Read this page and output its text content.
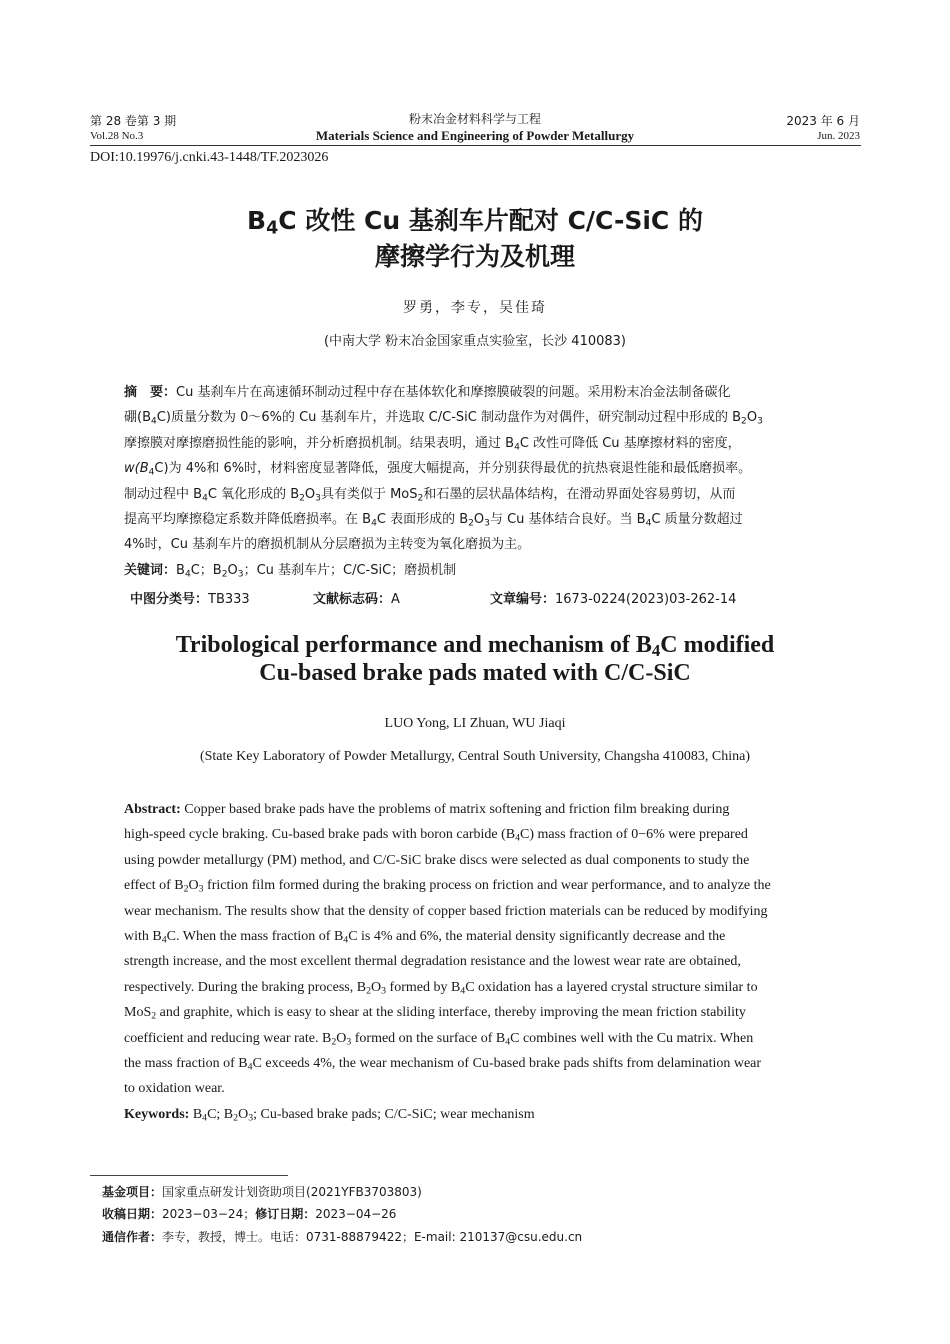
第 28 卷第 3 期	粉末冶金材料科学与工程	2023 年 6 月
Vol.28 No.3	Materials Science and Engineering of Powder Metallurgy	Jun. 2023
DOI:10.19976/j.cnki.43-1448/TF.2023026
$B_4C$ 改性 Cu 基刹车片配对 C/C-SiC 的
摩擦学行为及机理
罗勇，李专，吴佳琦
(中南大学 粉末冶金国家重点实验室，长沙 410083)
摘　要：Cu 基刹车片在高速循环制动过程中存在基体软化和摩擦膜破裂的问题。采用粉末冶金法制备碳化
硼$(B_4C)$质量分数为 0～6%的 Cu 基刹车片，并选取 C/C-SiC 制动盘作为对偶件，研究制动过程中形成的 $B_2O_3$
摩擦膜对摩擦磨损性能的影响，并分析磨损机制。结果表明，通过 $B_4C$ 改性可降低 Cu 基摩擦材料的密度，
$w(B_4C)$为 4%和 6%时，材料密度显著降低，强度大幅提高，并分别获得最优的抗热衰退性能和最低磨损率。
制动过程中 $B_4C$ 氧化形成的 $B_2O_3$具有类似于 MoS$_2$和石墨的层状晶体结构，在滑动界面处容易剪切，从而
提高平均摩擦稳定系数并降低磨损率。在 $B_4C$ 表面形成的 $B_2O_3$与 Cu 基体结合良好。当 $B_4C$ 质量分数超过
4%时，Cu 基刹车片的磨损机制从分层磨损为主转变为氧化磨损为主。
关键词：$B_4C$；$B_2O_3$；Cu 基刹车片；C/C-SiC；磨损机制
中图分类号：TB333	文献标志码：A	文章编号：1673-0224(2023)03-262-14
Tribological performance and mechanism of $B_4C$ modified
Cu-based brake pads mated with C/C-SiC
LUO Yong, LI Zhuan, WU Jiaqi
(State Key Laboratory of Powder Metallurgy, Central South University, Changsha 410083, China)
Abstract: Copper based brake pads have the problems of matrix softening and friction film breaking during
high-speed cycle braking. Cu-based brake pads with boron carbide $(B_4C)$ mass fraction of 0−6% were prepared
using powder metallurgy (PM) method, and C/C-SiC brake discs were selected as dual components to study the
effect of $B_2O_3$ friction film formed during the braking process on friction and wear performance, and to analyze the
wear mechanism. The results show that the density of copper based friction materials can be reduced by modifying
with $B_4C$. When the mass fraction of $B_4C$ is 4% and 6%, the material density significantly decrease and the
strength increase, and the most excellent thermal degradation resistance and the lowest wear rate are obtained,
respectively. During the braking process, $B_2O_3$ formed by $B_4C$ oxidation has a layered crystal structure similar to
MoS$_2$ and graphite, which is easy to shear at the sliding interface, thereby improving the mean friction stability
coefficient and reducing wear rate. $B_2O_3$ formed on the surface of $B_4C$ combines well with the Cu matrix. When
the mass fraction of $B_4C$ exceeds 4%, the wear mechanism of Cu-based brake pads shifts from delamination wear
to oxidation wear.
Keywords: $B_4C$; $B_2O_3$; Cu-based brake pads; C/C-SiC; wear mechanism
基金项目：国家重点研发计划资助项目(2021YFB3703803)
收稿日期：2023−03−24；修订日期：2023−04−26
通信作者：李专，教授，博士。电话：0731-88879422；E-mail: 210137@csu.edu.cn
